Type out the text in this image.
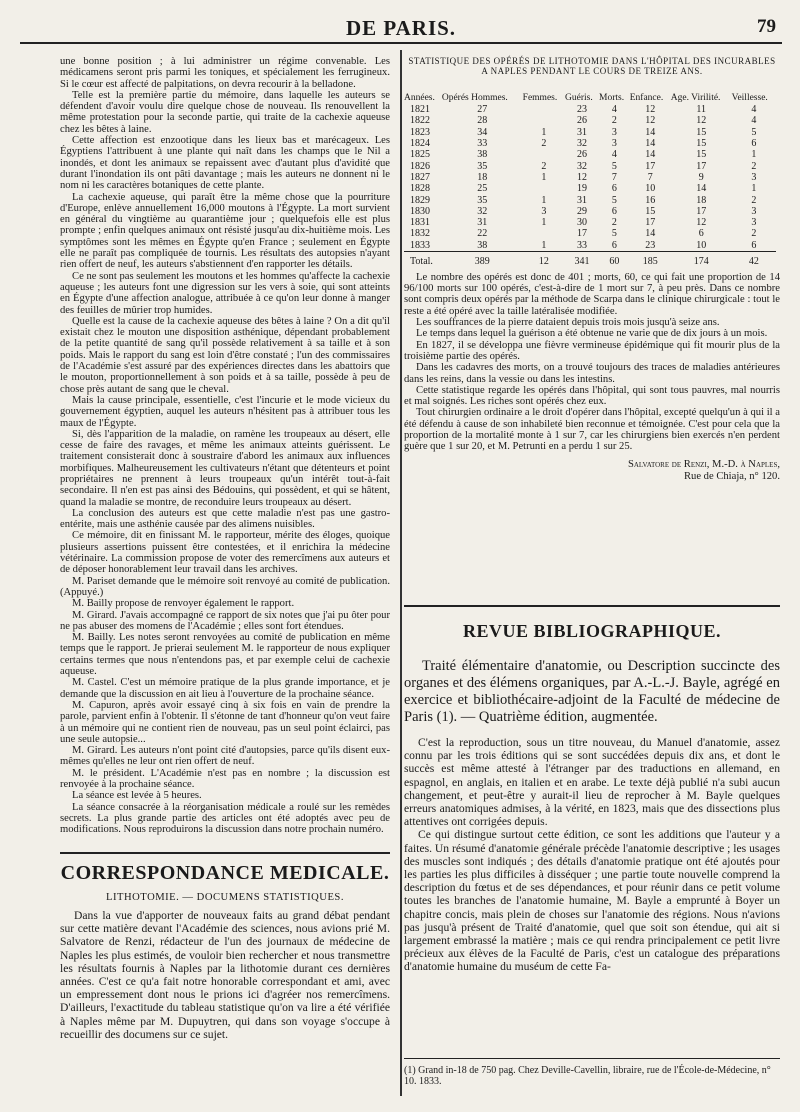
DE PARIS.	79

une bonne position ; à lui administrer un régime convenable. Les médicamens seront pris parmi les toniques, et spécialement les ferrugineux. Si le cœur est affecté de palpitations, on devra recourir à la belladone.

Telle est la première partie du mémoire, dans laquelle les auteurs se défendent d'avoir voulu dire quelque chose de nouveau. Ils renouvellent la même protestation pour la seconde partie, qui traite de la cachexie aqueuse chez les bêtes à laine.

Cette affection est enzootique dans les lieux bas et marécageux. Les Égyptiens l'attribuent à une plante qui naît dans les champs que le Nil a inondés, et dont les animaux se repaissent avec d'autant plus d'avidité que durant l'inondation ils ont pâti davantage ; mais les auteurs ne donnent ni le nom ni les caractères botaniques de cette plante.

La cachexie aqueuse, qui paraît être la même chose que la pourriture d'Europe, enlève annuellement 16,000 moutons à l'Égypte. La mort survient en général du vingtième au quarantième jour ; quelquefois elle est plus prompte ; enfin quelques animaux ont résisté jusqu'au dix-huitième mois. Les symptômes sont les mêmes en Égypte qu'en France ; seulement en Égypte elle ne paraît pas compliquée de tournis. Les résultats des autopsies n'ayant rien offert de neuf, les auteurs s'abstiennent d'en rapporter les détails.

Ce ne sont pas seulement les moutons et les hommes qu'affecte la cachexie aqueuse ; les auteurs font une digression sur les vers à soie, qui sont atteints en Égypte d'une affection analogue, attribuée à ce qu'on leur donne à manger des feuilles de mûrier trop humides.

Quelle est la cause de la cachexie aqueuse des bêtes à laine ? On a dit qu'il existait chez le mouton une disposition asthénique, dépendant probablement de la petite quantité de sang qu'il possède relativement à sa taille et à son poids. Mais le rapport du sang est loin d'être constaté ; l'un des commissaires de l'Académie s'est assuré par des expériences directes dans les abattoirs que le mouton, proportionnellement à son poids et à sa taille, possède à peu de chose près autant de sang que le cheval.

Mais la cause principale, essentielle, c'est l'incurie et le mode vicieux du gouvernement égyptien, auquel les auteurs n'hésitent pas à attribuer tous les maux de l'Égypte.

Si, dès l'apparition de la maladie, on ramène les troupeaux au désert, elle cesse de faire des ravages, et même les animaux atteints guérissent. Le traitement consisterait donc à soustraire d'abord les animaux aux influences morbifiques. Malheureusement les cultivateurs n'étant que détenteurs et point propriétaires ne prennent à leurs troupeaux qu'un intérêt tout-à-fait secondaire. Il n'en est pas ainsi des Bédouins, qui possèdent, et qui se hâtent, quand la maladie se montre, de reconduire leurs troupeaux au désert.

La conclusion des auteurs est que cette maladie n'est pas une gastro-entérite, mais une asthénie causée par des alimens nuisibles.

Ce mémoire, dit en finissant M. le rapporteur, mérite des éloges, quoique plusieurs assertions puissent être contestées, et il enrichira la médecine vétérinaire. La commission propose de voter des remercîmens aux auteurs et de déposer honorablement leur travail dans les archives.

M. Pariset demande que le mémoire soit renvoyé au comité de publication. (Appuyé.)

M. Bailly propose de renvoyer également le rapport.

M. Girard. J'avais accompagné ce rapport de six notes que j'ai pu ôter pour ne pas abuser des momens de l'Académie ; elles sont fort étendues.

M. Bailly. Les notes seront renvoyées au comité de publication en même temps que le rapport. Je prierai seulement M. le rapporteur de nous expliquer certains termes que nous n'entendons pas, et par exemple celui de cachexie aqueuse.

M. Castel. C'est un mémoire pratique de la plus grande importance, et je demande que la discussion en ait lieu à l'ouverture de la prochaine séance.

M. Capuron, après avoir essayé cinq à six fois en vain de prendre la parole, parvient enfin à l'obtenir. Il s'étonne de tant d'honneur qu'on veut faire à un mémoire qui ne contient rien de nouveau, pas un seul point éclairci, pas une seule autopsie...

M. Girard. Les auteurs n'ont point cité d'autopsies, parce qu'ils disent eux-mêmes qu'elles ne leur ont rien offert de neuf.

M. le président. L'Académie n'est pas en nombre ; la discussion est renvoyée à la prochaine séance.

La séance est levée à 5 heures.

La séance consacrée à la réorganisation médicale a roulé sur les remèdes secrets. La plus grande partie des articles ont été adoptés avec peu de modifications. Nous reproduirons la discussion dans notre prochain numéro.

CORRESPONDANCE MEDICALE.
LITHOTOMIE. — DOCUMENS STATISTIQUES.

Dans la vue d'apporter de nouveaux faits au grand débat pendant sur cette matière devant l'Académie des sciences, nous avions prié M. Salvatore de Renzi, rédacteur de l'un des journaux de médecine de Naples les plus estimés, de vouloir bien rechercher et nous transmettre les résultats fournis à Naples par la lithotomie durant ces dernières années. C'est ce qu'a fait notre honorable correspondant et ami, avec un empressement dont nous le prions ici d'agréer nos remercîmens. D'ailleurs, l'exactitude du tableau statistique qu'on va lire a été vérifiée à Naples même par M. Dupuytren, qui dans son voyage s'occupe à recueillir des documens sur ce sujet.

STATISTIQUE DES OPÉRÉS DE LITHOTOMIE DANS L'HÔPITAL DES INCURABLES A NAPLES PENDANT LE COURS DE TREIZE ANS.
Années.	Opérés Hommes.	Femmes.	Guéris.	Morts.	Enfance.	Age. Virilité.	Veillesse.
1821	27		23	4	12	11	4
1822	28		26	2	12	12	4
1823	34	1	31	3	14	15	5
1824	33	2	32	3	14	15	6
1825	38		26	4	14	15	1
1826	35	2	32	5	17	17	2
1827	18	1	12	7	7	9	3
1828	25		19	6	10	14	1
1829	35	1	31	5	16	18	2
1830	32	3	29	6	15	17	3
1831	31	1	30	2	17	12	3
1832	22		17	5	14	6	2
1833	38	1	33	6	23	10	6
Total.	389	12	341	60	185	174	42

Le nombre des opérés est donc de 401 ; morts, 60, ce qui fait une proportion de 14 96/100 morts sur 100 opérés, c'est-à-dire de 1 mort sur 7, à peu près. Dans ce nombre sont compris deux opérés par la méthode de Scarpa dans le clinique chirurgicale : tout le reste a été opéré avec la taille latéralisée modifiée.

Les souffrances de la pierre dataient depuis trois mois jusqu'à seize ans.

Le temps dans lequel la guérison a été obtenue ne varie que de dix jours à un mois.

En 1827, il se développa une fièvre vermineuse épidémique qui fit mourir plus de la troisième partie des opérés.

Dans les cadavres des morts, on a trouvé toujours des traces de maladies antérieures dans les reins, dans la vessie ou dans les intestins.

Cette statistique regarde les opérés dans l'hôpital, qui sont tous pauvres, mal nourris et mal soignés. Les riches sont opérés chez eux.

Tout chirurgien ordinaire a le droit d'opérer dans l'hôpital, excepté quelqu'un à qui il a été défendu à cause de son inhabileté bien reconnue et témoignée. C'est pour cela que la proportion de la mortalité monte à 1 sur 7, car les chirurgiens bien exercés n'en perdent guère que 1 sur 20, et M. Petrunti en a perdu 1 sur 25.

Salvatore de Renzi, M.-D. à Naples,
Rue de Chiaja, n° 120.
REVUE BIBLIOGRAPHIQUE.

Traité élémentaire d'anatomie, ou Description succincte des organes et des élémens organiques, par A.-L.-J. Bayle, agrégé en exercice et bibliothécaire-adjoint de la Faculté de médecine de Paris (1). — Quatrième édition, augmentée.

C'est la reproduction, sous un titre nouveau, du Manuel d'anatomie, assez connu par les trois éditions qui se sont succédées depuis dix ans, et dont le succès est même attesté à l'étranger par des traductions en allemand, en espagnol, en anglais, en italien et en arabe. Le texte déjà publié n'a subi aucun changement, et peut-être y aurait-il lieu de reprocher à M. Bayle quelques erreurs anatomiques admises, à la vérité, en 1823, mais que des dissections plus attentives ont corrigées depuis.

Ce qui distingue surtout cette édition, ce sont les additions que l'auteur y a faites. Un résumé d'anatomie générale précède l'anatomie descriptive ; les usages des muscles sont indiqués ; des détails d'anatomie pratique ont été ajoutés pour les parties les plus difficiles à disséquer ; une partie toute nouvelle comprend la description du fœtus et de ses dépendances, et pour réunir dans ce petit volume toutes les branches de l'anatomie humaine, M. Bayle a emprunté à Boyer un chapitre concis, mais plein de choses sur l'anatomie des régions. Nous n'avions pas jusqu'à présent de Traité d'anatomie, quel que soit son étendue, qui ait si largement embrassé la matière ; mais ce qui rendra principalement ce petit livre précieux aux élèves de la Faculté de Paris, c'est un catalogue des préparations d'anatomie humaine du muséum de cette Fa-

(1) Grand in-18 de 750 pag. Chez Deville-Cavellin, libraire, rue de l'École-de-Médecine, n° 10. 1833.
